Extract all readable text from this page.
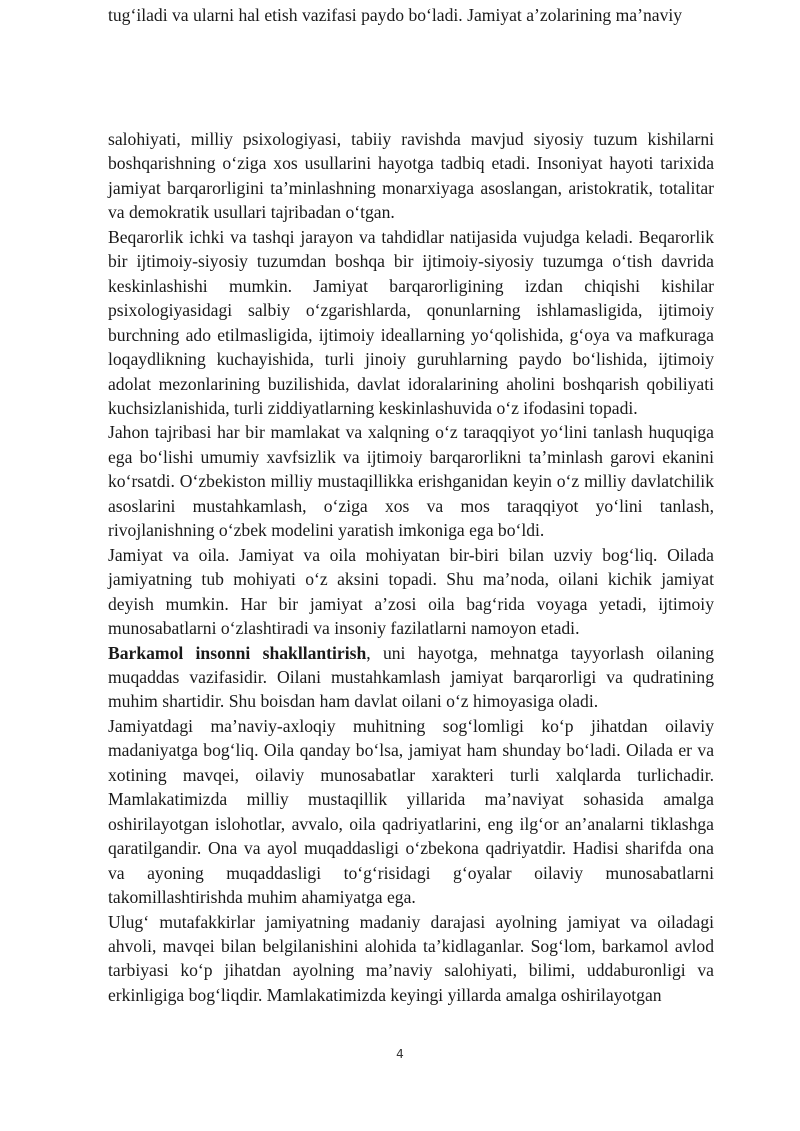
tug‘iladi va ularni hal etish vazifasi paydo bo‘ladi. Jamiyat a’zolarining ma’naviy

salohiyati, milliy psixologiyasi, tabiiy ravishda mavjud siyosiy tuzum kishilarni boshqarishning o‘ziga xos usullarini hayotga tadbiq etadi. Insoniyat hayoti tarixida jamiyat barqarorligini ta’minlashning monarxiyaga asoslangan, aristokratik, totalitar va demokratik usullari tajribadan o‘tgan.

Beqarorlik ichki va tashqi jarayon va tahdidlar natijasida vujudga keladi. Beqarorlik bir ijtimoiy-siyosiy tuzumdan boshqa bir ijtimoiy-siyosiy tuzumga o‘tish davrida keskinlashishi mumkin. Jamiyat barqarorligining izdan chiqishi kishilar psixologiyasidagi salbiy o‘zgarishlarda, qonunlarning ishlamasligida, ijtimoiy burchning ado etilmasligida, ijtimoiy ideallarning yo‘qolishida, g‘oya va mafkuraga loqaydlikning kuchayishida, turli jinoiy guruhlarning paydo bo‘lishida, ijtimoiy adolat mezonlarining buzilishida, davlat idoralarining aholini boshqarish qobiliyati kuchsizlanishida, turli ziddiyatlarning keskinlashuvida o‘z ifodasini topadi.

Jahon tajribasi har bir mamlakat va xalqning o‘z taraqqiyot yo‘lini tanlash huquqiga ega bo‘lishi umumiy xavfsizlik va ijtimoiy barqarorlikni ta’minlash garovi ekanini ko‘rsatdi. O‘zbekiston milliy mustaqillikka erishganidan keyin o‘z milliy davlatchilik asoslarini mustahkamlash, o‘ziga xos va mos taraqqiyot yo‘lini tanlash, rivojlanishning o‘zbek modelini yaratish imkoniga ega bo‘ldi.

Jamiyat va oila. Jamiyat va oila mohiyatan bir-biri bilan uzviy bog‘liq. Oilada jamiyatning tub mohiyati o‘z aksini topadi. Shu ma’noda, oilani kichik jamiyat deyish mumkin. Har bir jamiyat a’zosi oila bag‘rida voyaga yetadi, ijtimoiy munosabatlarni o‘zlashtiradi va insoniy fazilatlarni namoyon etadi.

Barkamol insonni shakllantirish, uni hayotga, mehnatga tayyorlash oilaning muqaddas vazifasidir. Oilani mustahkamlash jamiyat barqarorligi va qudratining muhim shartidir. Shu boisdan ham davlat oilani o‘z himoyasiga oladi.

Jamiyatdagi ma’naviy-axloqiy muhitning sog‘lomligi ko‘p jihatdan oilaviy madaniyatga bog‘liq. Oila qanday bo‘lsa, jamiyat ham shunday bo‘ladi. Oilada er va xotining mavqei, oilaviy munosabatlar xarakteri turli xalqlarda turlichadir. Mamlakatimizda milliy mustaqillik yillarida ma’naviyat sohasida amalga oshirilayotgan islohotlar, avvalo, oila qadriyatlarini, eng ilg‘or an’analarni tiklashga qaratilgandir. Ona va ayol muqaddasligi o‘zbekona qadriyatdir. Hadisi sharifda ona va ayoning muqaddasligi to‘g‘risidagi g‘oyalar oilaviy munosabatlarni takomillashtirishda muhim ahamiyatga ega.

Ulug‘ mutafakkirlar jamiyatning madaniy darajasi ayolning jamiyat va oiladagi ahvoli, mavqei bilan belgilanishini alohida ta’kidlaganlar. Sog‘lom, barkamol avlod tarbiyasi ko‘p jihatdan ayolning ma’naviy salohiyati, bilimi, uddaburonligi va erkinligiga bog‘liqdir. Mamlakatimizda keyingi yillarda amalga oshirilayotgan

4
